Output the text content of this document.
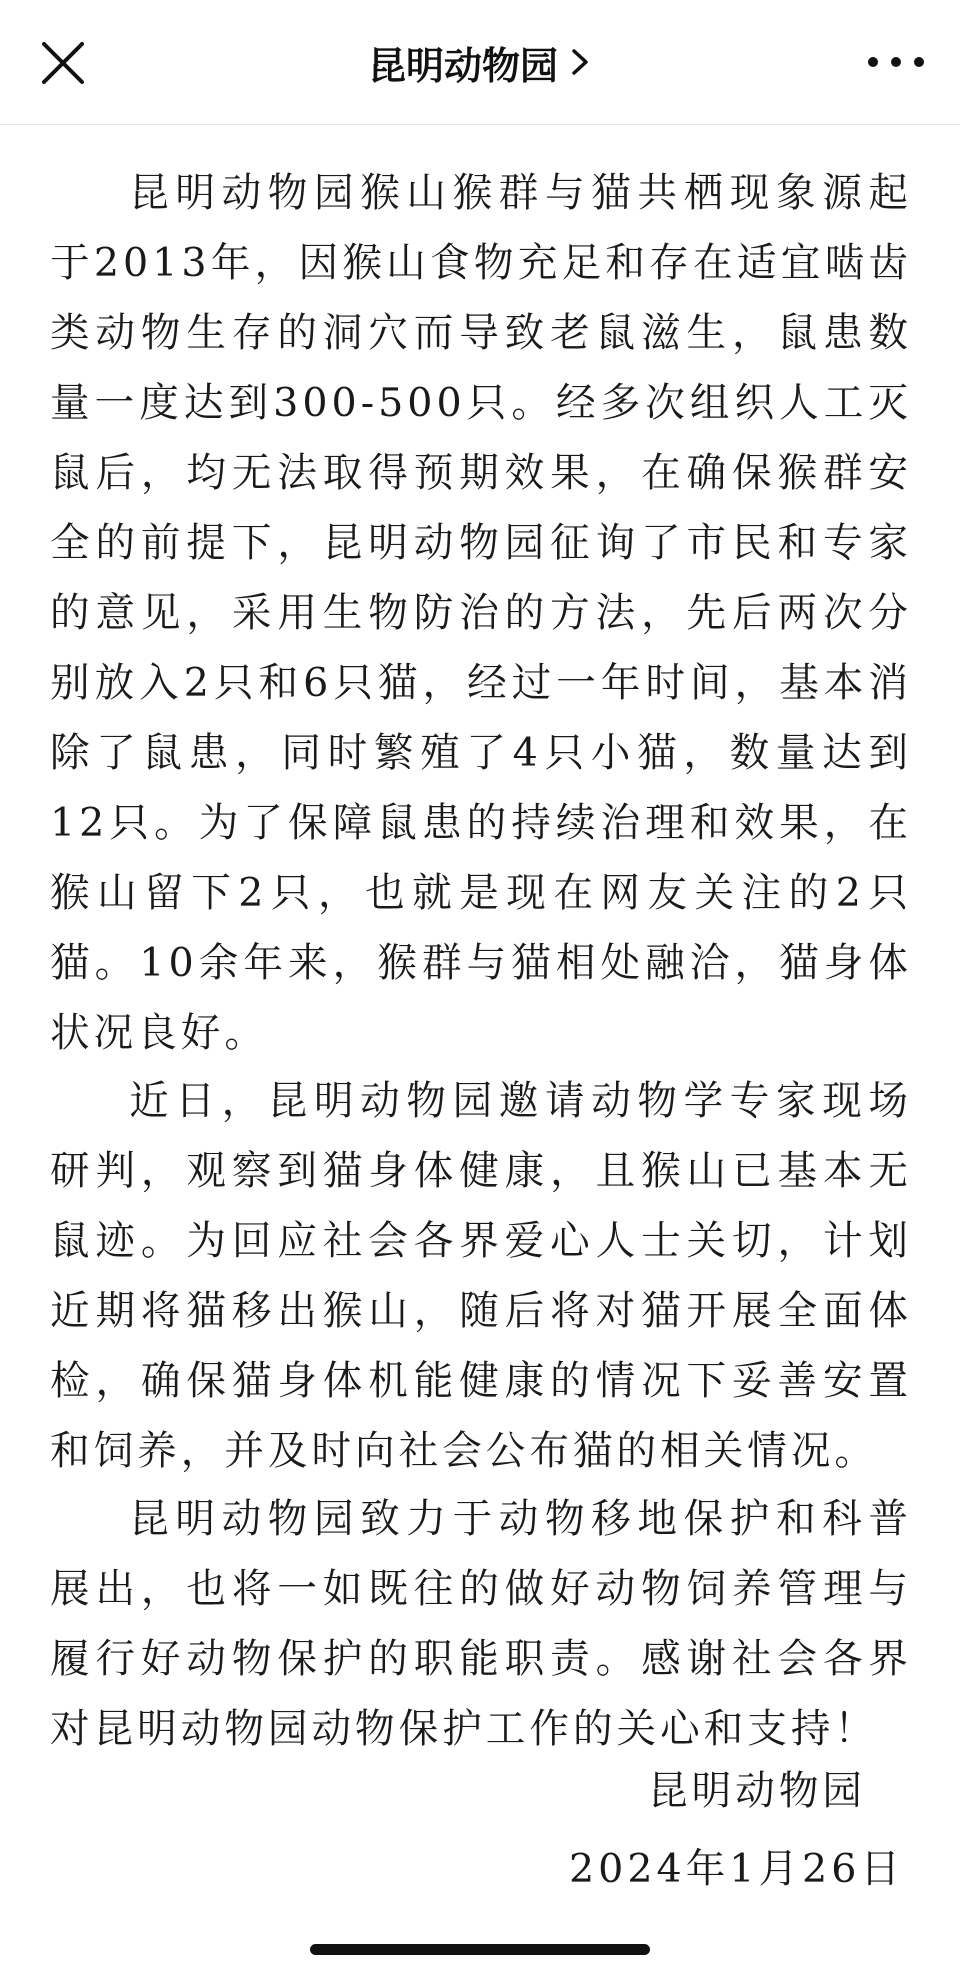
昆明动物园

昆明动物园猴山猴群与猫共栖现象源起于2013年，因猴山食物充足和存在适宜啮齿类动物生存的洞穴而导致老鼠滋生，鼠患数量一度达到300-500只。经多次组织人工灭鼠后，均无法取得预期效果，在确保猴群安全的前提下，昆明动物园征询了市民和专家的意见，采用生物防治的方法，先后两次分别放入2只和6只猫，经过一年时间，基本消除了鼠患，同时繁殖了4只小猫，数量达到12只。为了保障鼠患的持续治理和效果，在猴山留下2只，也就是现在网友关注的2只猫。10余年来，猴群与猫相处融洽，猫身体状况良好。

近日，昆明动物园邀请动物学专家现场研判，观察到猫身体健康，且猴山已基本无鼠迹。为回应社会各界爱心人士关切，计划近期将猫移出猴山，随后将对猫开展全面体检，确保猫身体机能健康的情况下妥善安置和饲养，并及时向社会公布猫的相关情况。

昆明动物园致力于动物移地保护和科普展出，也将一如既往的做好动物饲养管理与履行好动物保护的职能职责。感谢社会各界对昆明动物园动物保护工作的关心和支持！

昆明动物园
2024年1月26日
